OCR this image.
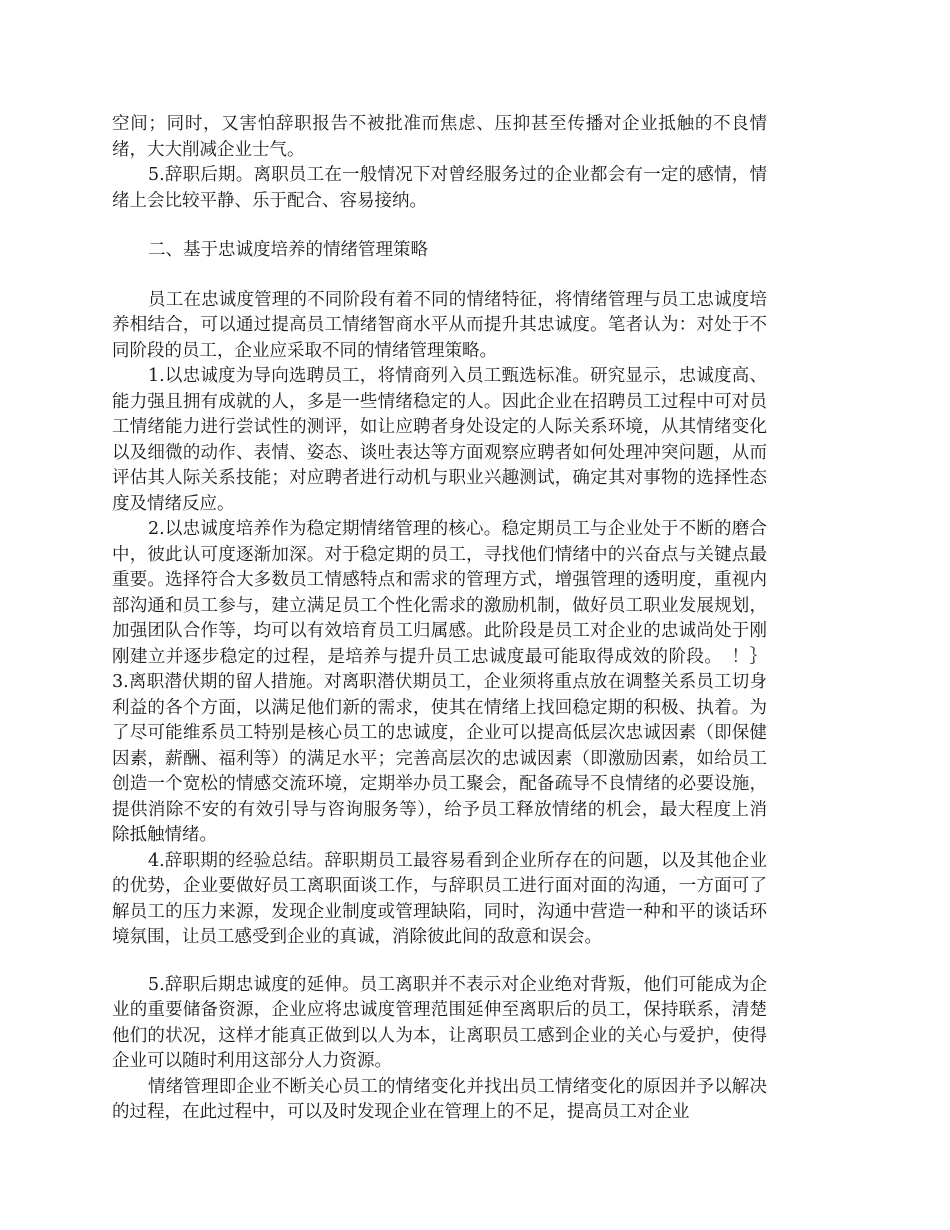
空间；同时，又害怕辞职报告不被批准而焦虑、压抑甚至传播对企业抵触的不良情绪，大大削减企业士气。

5.辞职后期。离职员工在一般情况下对曾经服务过的企业都会有一定的感情，情绪上会比较平静、乐于配合、容易接纳。

二、基于忠诚度培养的情绪管理策略

员工在忠诚度管理的不同阶段有着不同的情绪特征，将情绪管理与员工忠诚度培养相结合，可以通过提高员工情绪智商水平从而提升其忠诚度。笔者认为：对处于不同阶段的员工，企业应采取不同的情绪管理策略。

1.以忠诚度为导向选聘员工，将情商列入员工甄选标准。研究显示，忠诚度高、能力强且拥有成就的人，多是一些情绪稳定的人。因此企业在招聘员工过程中可对员工情绪能力进行尝试性的测评，如让应聘者身处设定的人际关系环境，从其情绪变化以及细微的动作、表情、姿态、谈吐表达等方面观察应聘者如何处理冲突问题，从而评估其人际关系技能；对应聘者进行动机与职业兴趣测试，确定其对事物的选择性态度及情绪反应。

2.以忠诚度培养作为稳定期情绪管理的核心。稳定期员工与企业处于不断的磨合中，彼此认可度逐渐加深。对于稳定期的员工，寻找他们情绪中的兴奋点与关键点最重要。选择符合大多数员工情感特点和需求的管理方式，增强管理的透明度，重视内部沟通和员工参与，建立满足员工个性化需求的激励机制，做好员工职业发展规划，加强团队合作等，均可以有效培育员工归属感。此阶段是员工对企业的忠诚尚处于刚刚建立并逐步稳定的过程，是培养与提升员工忠诚度最可能取得成效的阶段。　！｝3.离职潜伏期的留人措施。对离职潜伏期员工，企业须将重点放在调整关系员工切身利益的各个方面，以满足他们新的需求，使其在情绪上找回稳定期的积极、执着。为了尽可能维系员工特别是核心员工的忠诚度，企业可以提高低层次忠诚因素（即保健因素，薪酬、福利等）的满足水平；完善高层次的忠诚因素（即激励因素，如给员工创造一个宽松的情感交流环境，定期举办员工聚会，配备疏导不良情绪的必要设施，提供消除不安的有效引导与咨询服务等），给予员工释放情绪的机会，最大程度上消除抵触情绪。

4.辞职期的经验总结。辞职期员工最容易看到企业所存在的问题，以及其他企业的优势，企业要做好员工离职面谈工作，与辞职员工进行面对面的沟通，一方面可了解员工的压力来源，发现企业制度或管理缺陷，同时，沟通中营造一种和平的谈话环境氛围，让员工感受到企业的真诚，消除彼此间的敌意和误会。

5.辞职后期忠诚度的延伸。员工离职并不表示对企业绝对背叛，他们可能成为企业的重要储备资源，企业应将忠诚度管理范围延伸至离职后的员工，保持联系，清楚他们的状况，这样才能真正做到以人为本，让离职员工感到企业的关心与爱护，使得企业可以随时利用这部分人力资源。

情绪管理即企业不断关心员工的情绪变化并找出员工情绪变化的原因并予以解决的过程，在此过程中，可以及时发现企业在管理上的不足，提高员工对企业
